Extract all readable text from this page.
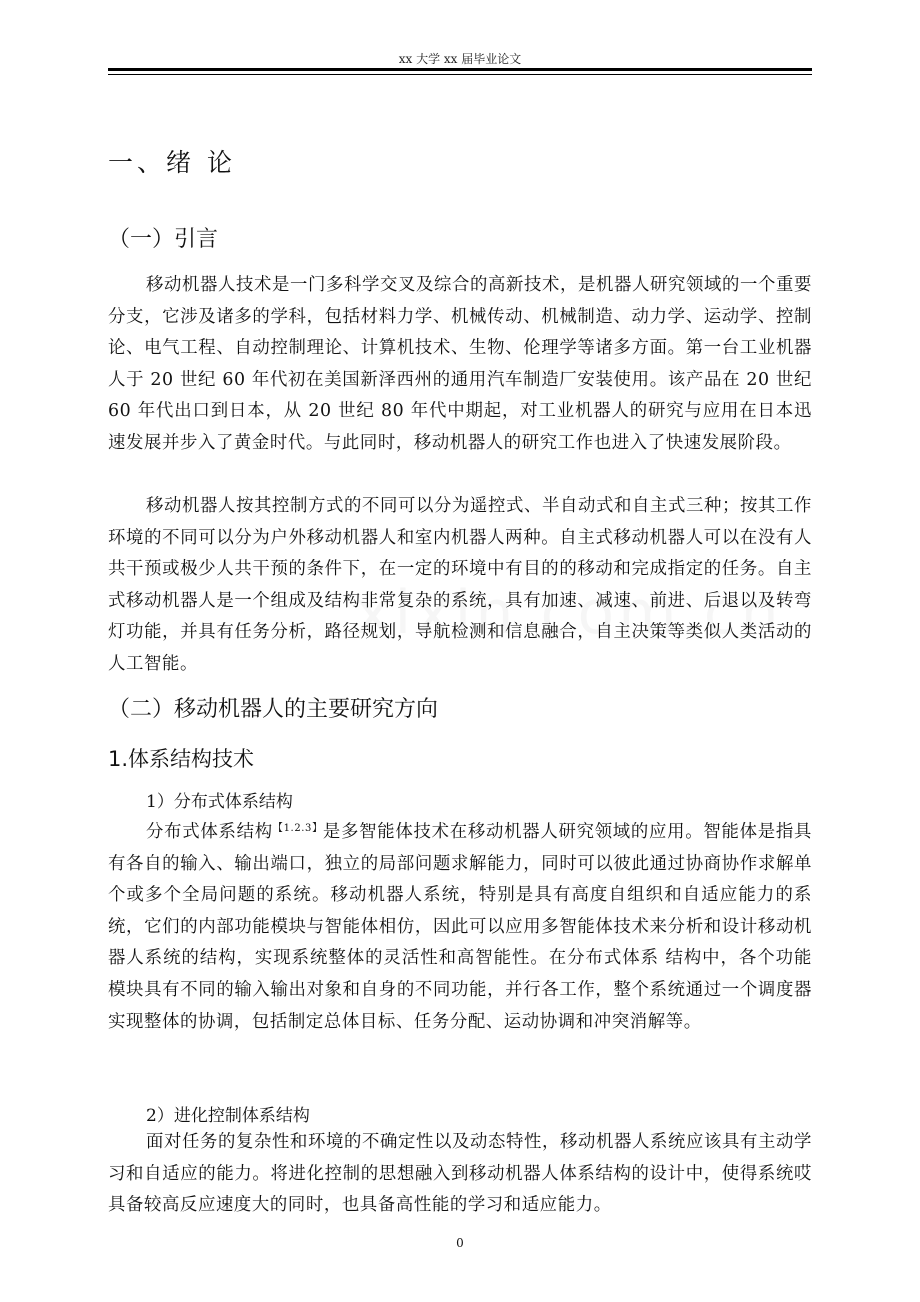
xx 大学 xx 届毕业论文
一、绪 论
（一）引言

移动机器人技术是一门多科学交叉及综合的高新技术，是机器人研究领域的一个重要分支，它涉及诸多的学科，包括材料力学、机械传动、机械制造、动力学、运动学、控制论、电气工程、自动控制理论、计算机技术、生物、伦理学等诸多方面。第一台工业机器人于 20 世纪 60 年代初在美国新泽西州的通用汽车制造厂安装使用。该产品在 20 世纪 60 年代出口到日本，从 20 世纪 80 年代中期起，对工业机器人的研究与应用在日本迅速发展并步入了黄金时代。与此同时，移动机器人的研究工作也进入了快速发展阶段。

移动机器人按其控制方式的不同可以分为遥控式、半自动式和自主式三种；按其工作环境的不同可以分为户外移动机器人和室内机器人两种。自主式移动机器人可以在没有人共干预或极少人共干预的条件下，在一定的环境中有目的的移动和完成指定的任务。自主式移动机器人是一个组成及结构非常复杂的系统，具有加速、减速、前进、后退以及转弯灯功能，并具有任务分析，路径规划，导航检测和信息融合，自主决策等类似人类活动的人工智能。

（二）移动机器人的主要研究方向
1.体系结构技术

1）分布式体系结构

分布式体系结构$^{【1.2.3】}$是多智能体技术在移动机器人研究领域的应用。智能体是指具有各自的输入、输出端口，独立的局部问题求解能力，同时可以彼此通过协商协作求解单个或多个全局问题的系统。移动机器人系统，特别是具有高度自组织和自适应能力的系统，它们的内部功能模块与智能体相仿，因此可以应用多智能体技术来分析和设计移动机器人系统的结构，实现系统整体的灵活性和高智能性。在分布式体系 结构中，各个功能模块具有不同的输入输出对象和自身的不同功能，并行各工作，整个系统通过一个调度器实现整体的协调，包括制定总体目标、任务分配、运动协调和冲突消解等。

2）进化控制体系结构

面对任务的复杂性和环境的不确定性以及动态特性，移动机器人系统应该具有主动学习和自适应的能力。将进化控制的思想融入到移动机器人体系结构的设计中，使得系统哎具备较高反应速度大的同时，也具备高性能的学习和适应能力。

0
